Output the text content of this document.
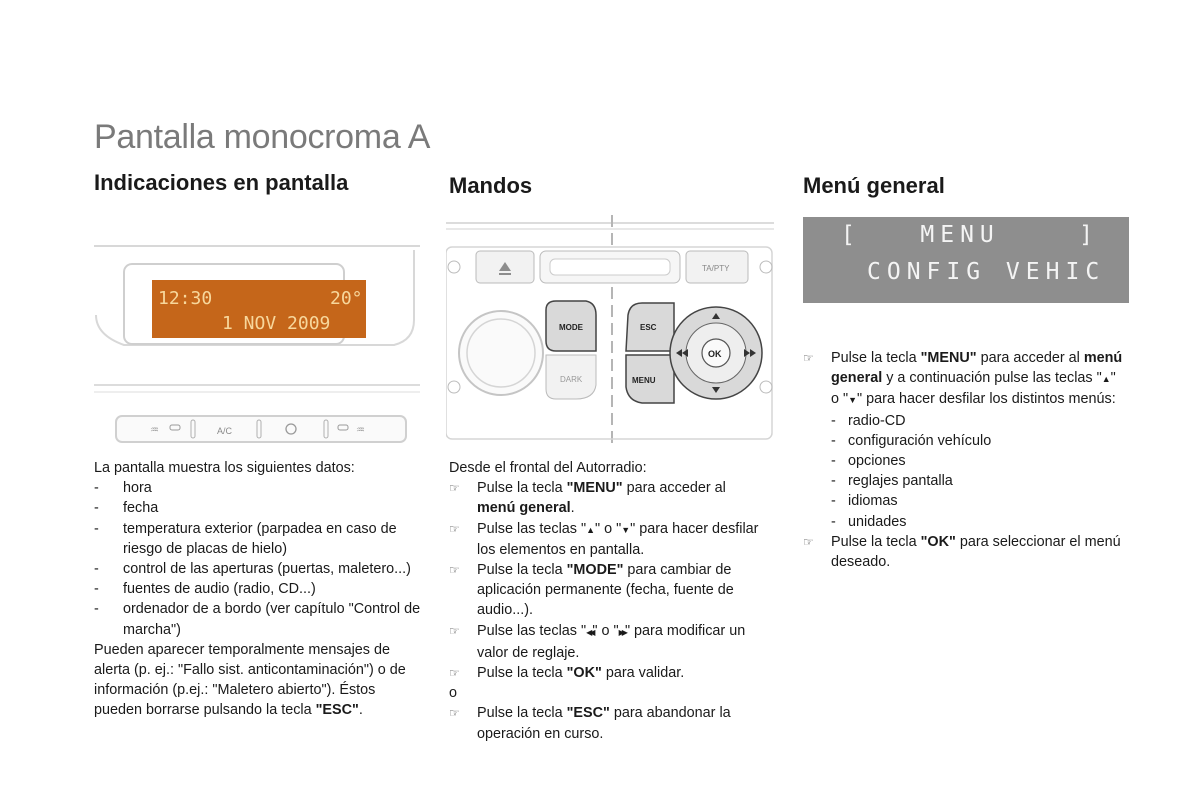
Pantalla monocroma A
Indicaciones en pantalla
12:30	20°
1 NOV 2009
♒	A/C	♒
La pantalla muestra los siguientes datos:
-	hora
-	fecha
-	temperatura exterior (parpadea en caso de riesgo de placas de hielo)
-	control de las aperturas (puertas, maletero...)
-	fuentes de audio (radio, CD...)
-	ordenador de a bordo (ver capítulo "Control de marcha")
Pueden aparecer temporalmente mensajes de alerta (p. ej.: "Fallo sist. anticontaminación") o de información (p.ej.: "Maletero abierto"). Éstos pueden borrarse pulsando la tecla "ESC".
Mandos
TA/PTY
MODE
DARK
ESC
MENU
OK
Desde el frontal del Autorradio:
☞	Pulse la tecla "MENU" para acceder al menú general.
☞	Pulse las teclas "▲" o "▼" para hacer desfilar los elementos en pantalla.
☞	Pulse la tecla "MODE" para cambiar de aplicación permanente (fecha, fuente de audio...).
☞	Pulse las teclas "◀◀" o "▶▶" para modificar un valor de reglaje.
☞	Pulse la tecla "OK" para validar.
o
☞	Pulse la tecla "ESC" para abandonar la operación en curso.
Menú general
[   MENU    ]
CONFIG VEHIC
☞	Pulse la tecla "MENU" para acceder al menú general y a continuación pulse las teclas "▲" o "▼" para hacer desfilar los distintos menús:
- radio-CD
- configuración vehículo
- opciones
- reglajes pantalla
- idiomas
- unidades
☞	Pulse la tecla "OK" para seleccionar el menú deseado.
